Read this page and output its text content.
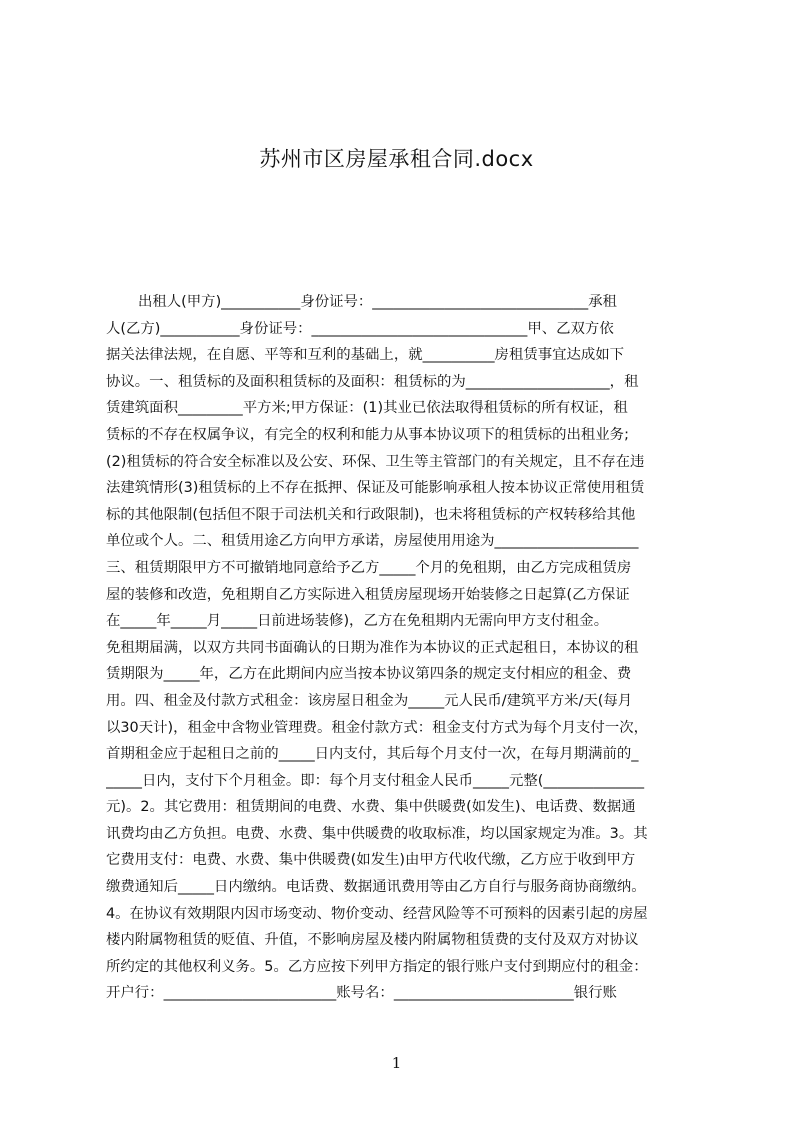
苏州市区房屋承租合同.docx
出租人(甲方)___________身份证号：______________________________承租
人(乙方)___________身份证号：______________________________甲、乙双方依
据关法律法规，在自愿、平等和互利的基础上，就__________房租赁事宜达成如下
协议。一、租赁标的及面积租赁标的及面积：租赁标的为____________________，租
赁建筑面积_________平方米;甲方保证：(1)其业已依法取得租赁标的所有权证，租
赁标的不存在权属争议，有完全的权利和能力从事本协议项下的租赁标的出租业务;
(2)租赁标的符合安全标准以及公安、环保、卫生等主管部门的有关规定，且不存在违
法建筑情形(3)租赁标的上不存在抵押、保证及可能影响承租人按本协议正常使用租赁
标的其他限制(包括但不限于司法机关和行政限制)，也未将租赁标的产权转移给其他
单位或个人。二、租赁用途乙方向甲方承诺，房屋使用用途为____________________
三、租赁期限甲方不可撤销地同意给予乙方_____个月的免租期，由乙方完成租赁房
屋的装修和改造，免租期自乙方实际进入租赁房屋现场开始装修之日起算(乙方保证
在_____年_____月_____日前进场装修)，乙方在免租期内无需向甲方支付租金。
免租期届满，以双方共同书面确认的日期为准作为本协议的正式起租日，本协议的租
赁期限为_____年，乙方在此期间内应当按本协议第四条的规定支付相应的租金、费
用。四、租金及付款方式租金：该房屋日租金为_____元人民币/建筑平方米/天(每月
以30天计)，租金中含物业管理费。租金付款方式：租金支付方式为每个月支付一次，
首期租金应于起租日之前的_____日内支付，其后每个月支付一次，在每月期满前的_
_____日内，支付下个月租金。即：每个月支付租金人民币_____元整(______________
元)。2。其它费用：租赁期间的电费、水费、集中供暖费(如发生)、电话费、数据通
讯费均由乙方负担。电费、水费、集中供暖费的收取标准，均以国家规定为准。3。其
它费用支付：电费、水费、集中供暖费(如发生)由甲方代收代缴，乙方应于收到甲方
缴费通知后_____日内缴纳。电话费、数据通讯费用等由乙方自行与服务商协商缴纳。
4。在协议有效期限内因市场变动、物价变动、经营风险等不可预料的因素引起的房屋
楼内附属物租赁的贬值、升值，不影响房屋及楼内附属物租赁费的支付及双方对协议
所约定的其他权利义务。5。乙方应按下列甲方指定的银行账户支付到期应付的租金：
开户行：________________________账号名：_________________________银行账
1
